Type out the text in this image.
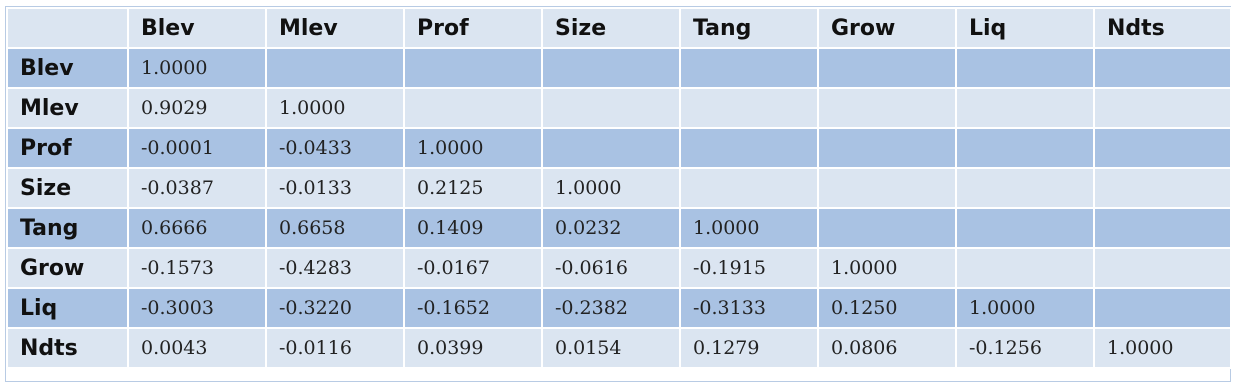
	Blev	Mlev	Prof	Size	Tang	Grow	Liq	Ndts
Blev	1.0000							
Mlev	0.9029	1.0000						
Prof	-0.0001	-0.0433	1.0000					
Size	-0.0387	-0.0133	0.2125	1.0000				
Tang	0.6666	0.6658	0.1409	0.0232	1.0000			
Grow	-0.1573	-0.4283	-0.0167	-0.0616	-0.1915	1.0000		
Liq	-0.3003	-0.3220	-0.1652	-0.2382	-0.3133	0.1250	1.0000	
Ndts	0.0043	-0.0116	0.0399	0.0154	0.1279	0.0806	-0.1256	1.0000
